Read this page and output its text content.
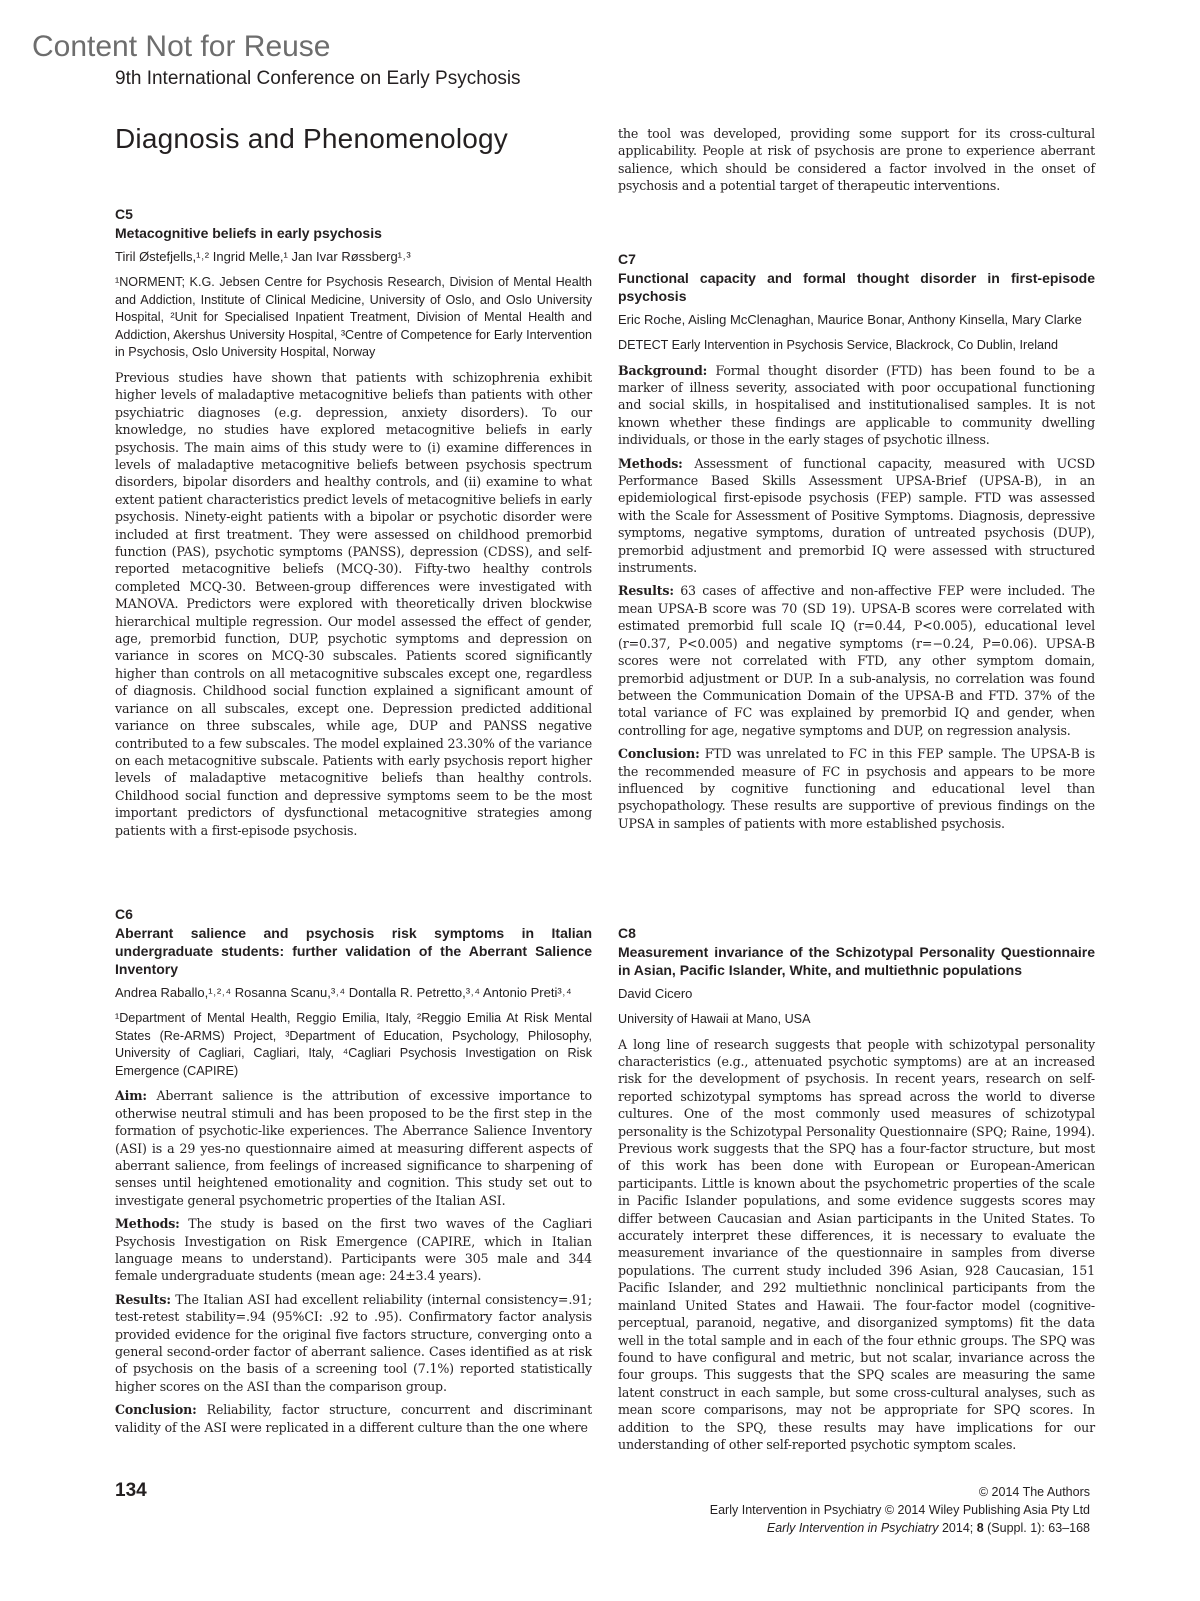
Content Not for Reuse
9th International Conference on Early Psychosis
Diagnosis and Phenomenology
C5
Metacognitive beliefs in early psychosis
Tiril Østefjells,¹˒² Ingrid Melle,¹ Jan Ivar Røssberg¹˒³
¹NORMENT; K.G. Jebsen Centre for Psychosis Research, Division of Mental Health and Addiction, Institute of Clinical Medicine, University of Oslo, and Oslo University Hospital, ²Unit for Specialised Inpatient Treatment, Division of Mental Health and Addiction, Akershus University Hospital, ³Centre of Competence for Early Intervention in Psychosis, Oslo University Hospital, Norway

Previous studies have shown that patients with schizophrenia exhibit higher levels of maladaptive metacognitive beliefs than patients with other psychiatric diagnoses (e.g. depression, anxiety disorders). To our knowledge, no studies have explored metacognitive beliefs in early psychosis. The main aims of this study were to (i) examine differences in levels of maladaptive metacognitive beliefs between psychosis spectrum disorders, bipolar disorders and healthy controls, and (ii) examine to what extent patient characteristics predict levels of metacognitive beliefs in early psychosis. Ninety-eight patients with a bipolar or psychotic disorder were included at first treatment. They were assessed on childhood premorbid function (PAS), psychotic symptoms (PANSS), depression (CDSS), and self-reported metacognitive beliefs (MCQ-30). Fifty-two healthy controls completed MCQ-30. Between-group differences were investigated with MANOVA. Predictors were explored with theoretically driven blockwise hierarchical multiple regression. Our model assessed the effect of gender, age, premorbid function, DUP, psychotic symptoms and depression on variance in scores on MCQ-30 subscales. Patients scored significantly higher than controls on all metacognitive subscales except one, regardless of diagnosis. Childhood social function explained a significant amount of variance on all subscales, except one. Depression predicted additional variance on three subscales, while age, DUP and PANSS negative contributed to a few subscales. The model explained 23.30% of the variance on each metacognitive subscale. Patients with early psychosis report higher levels of maladaptive metacognitive beliefs than healthy controls. Childhood social function and depressive symptoms seem to be the most important predictors of dysfunctional metacognitive strategies among patients with a first-episode psychosis.

C6
Aberrant salience and psychosis risk symptoms in Italian undergraduate students: further validation of the Aberrant Salience Inventory
Andrea Raballo,¹˒²˒⁴ Rosanna Scanu,³˒⁴ Dontalla R. Petretto,³˒⁴ Antonio Preti³˒⁴
¹Department of Mental Health, Reggio Emilia, Italy, ²Reggio Emilia At Risk Mental States (Re-ARMS) Project, ³Department of Education, Psychology, Philosophy, University of Cagliari, Cagliari, Italy, ⁴Cagliari Psychosis Investigation on Risk Emergence (CAPIRE)

Aim: Aberrant salience is the attribution of excessive importance to otherwise neutral stimuli and has been proposed to be the first step in the formation of psychotic-like experiences. The Aberrance Salience Inventory (ASI) is a 29 yes-no questionnaire aimed at measuring different aspects of aberrant salience, from feelings of increased significance to sharpening of senses until heightened emotionality and cognition. This study set out to investigate general psychometric properties of the Italian ASI.

Methods: The study is based on the first two waves of the Cagliari Psychosis Investigation on Risk Emergence (CAPIRE, which in Italian language means to understand). Participants were 305 male and 344 female undergraduate students (mean age: 24±3.4 years).

Results: The Italian ASI had excellent reliability (internal consistency=.91; test-retest stability=.94 (95%CI: .92 to .95). Confirmatory factor analysis provided evidence for the original five factors structure, converging onto a general second-order factor of aberrant salience. Cases identified as at risk of psychosis on the basis of a screening tool (7.1%) reported statistically higher scores on the ASI than the comparison group.

Conclusion: Reliability, factor structure, concurrent and discriminant validity of the ASI were replicated in a different culture than the one where

the tool was developed, providing some support for its cross-cultural applicability. People at risk of psychosis are prone to experience aberrant salience, which should be considered a factor involved in the onset of psychosis and a potential target of therapeutic interventions.

C7
Functional capacity and formal thought disorder in first-episode psychosis
Eric Roche, Aisling McClenaghan, Maurice Bonar, Anthony Kinsella, Mary Clarke
DETECT Early Intervention in Psychosis Service, Blackrock, Co Dublin, Ireland

Background: Formal thought disorder (FTD) has been found to be a marker of illness severity, associated with poor occupational functioning and social skills, in hospitalised and institutionalised samples. It is not known whether these findings are applicable to community dwelling individuals, or those in the early stages of psychotic illness.

Methods: Assessment of functional capacity, measured with UCSD Performance Based Skills Assessment UPSA-Brief (UPSA-B), in an epidemiological first-episode psychosis (FEP) sample. FTD was assessed with the Scale for Assessment of Positive Symptoms. Diagnosis, depressive symptoms, negative symptoms, duration of untreated psychosis (DUP), premorbid adjustment and premorbid IQ were assessed with structured instruments.

Results: 63 cases of affective and non-affective FEP were included. The mean UPSA-B score was 70 (SD 19). UPSA-B scores were correlated with estimated premorbid full scale IQ (r=0.44, P<0.005), educational level (r=0.37, P<0.005) and negative symptoms (r=−0.24, P=0.06). UPSA-B scores were not correlated with FTD, any other symptom domain, premorbid adjustment or DUP. In a sub-analysis, no correlation was found between the Communication Domain of the UPSA-B and FTD. 37% of the total variance of FC was explained by premorbid IQ and gender, when controlling for age, negative symptoms and DUP, on regression analysis.

Conclusion: FTD was unrelated to FC in this FEP sample. The UPSA-B is the recommended measure of FC in psychosis and appears to be more influenced by cognitive functioning and educational level than psychopathology. These results are supportive of previous findings on the UPSA in samples of patients with more established psychosis.

C8
Measurement invariance of the Schizotypal Personality Questionnaire in Asian, Pacific Islander, White, and multiethnic populations
David Cicero
University of Hawaii at Mano, USA

A long line of research suggests that people with schizotypal personality characteristics (e.g., attenuated psychotic symptoms) are at an increased risk for the development of psychosis. In recent years, research on self-reported schizotypal symptoms has spread across the world to diverse cultures. One of the most commonly used measures of schizotypal personality is the Schizotypal Personality Questionnaire (SPQ; Raine, 1994). Previous work suggests that the SPQ has a four-factor structure, but most of this work has been done with European or European-American participants. Little is known about the psychometric properties of the scale in Pacific Islander populations, and some evidence suggests scores may differ between Caucasian and Asian participants in the United States. To accurately interpret these differences, it is necessary to evaluate the measurement invariance of the questionnaire in samples from diverse populations. The current study included 396 Asian, 928 Caucasian, 151 Pacific Islander, and 292 multiethnic nonclinical participants from the mainland United States and Hawaii. The four-factor model (cognitive-perceptual, paranoid, negative, and disorganized symptoms) fit the data well in the total sample and in each of the four ethnic groups. The SPQ was found to have configural and metric, but not scalar, invariance across the four groups. This suggests that the SPQ scales are measuring the same latent construct in each sample, but some cross-cultural analyses, such as mean score comparisons, may not be appropriate for SPQ scores. In addition to the SPQ, these results may have implications for our understanding of other self-reported psychotic symptom scales.

134	© 2014 The Authors
Early Intervention in Psychiatry © 2014 Wiley Publishing Asia Pty Ltd
Early Intervention in Psychiatry 2014; 8 (Suppl. 1): 63–168
